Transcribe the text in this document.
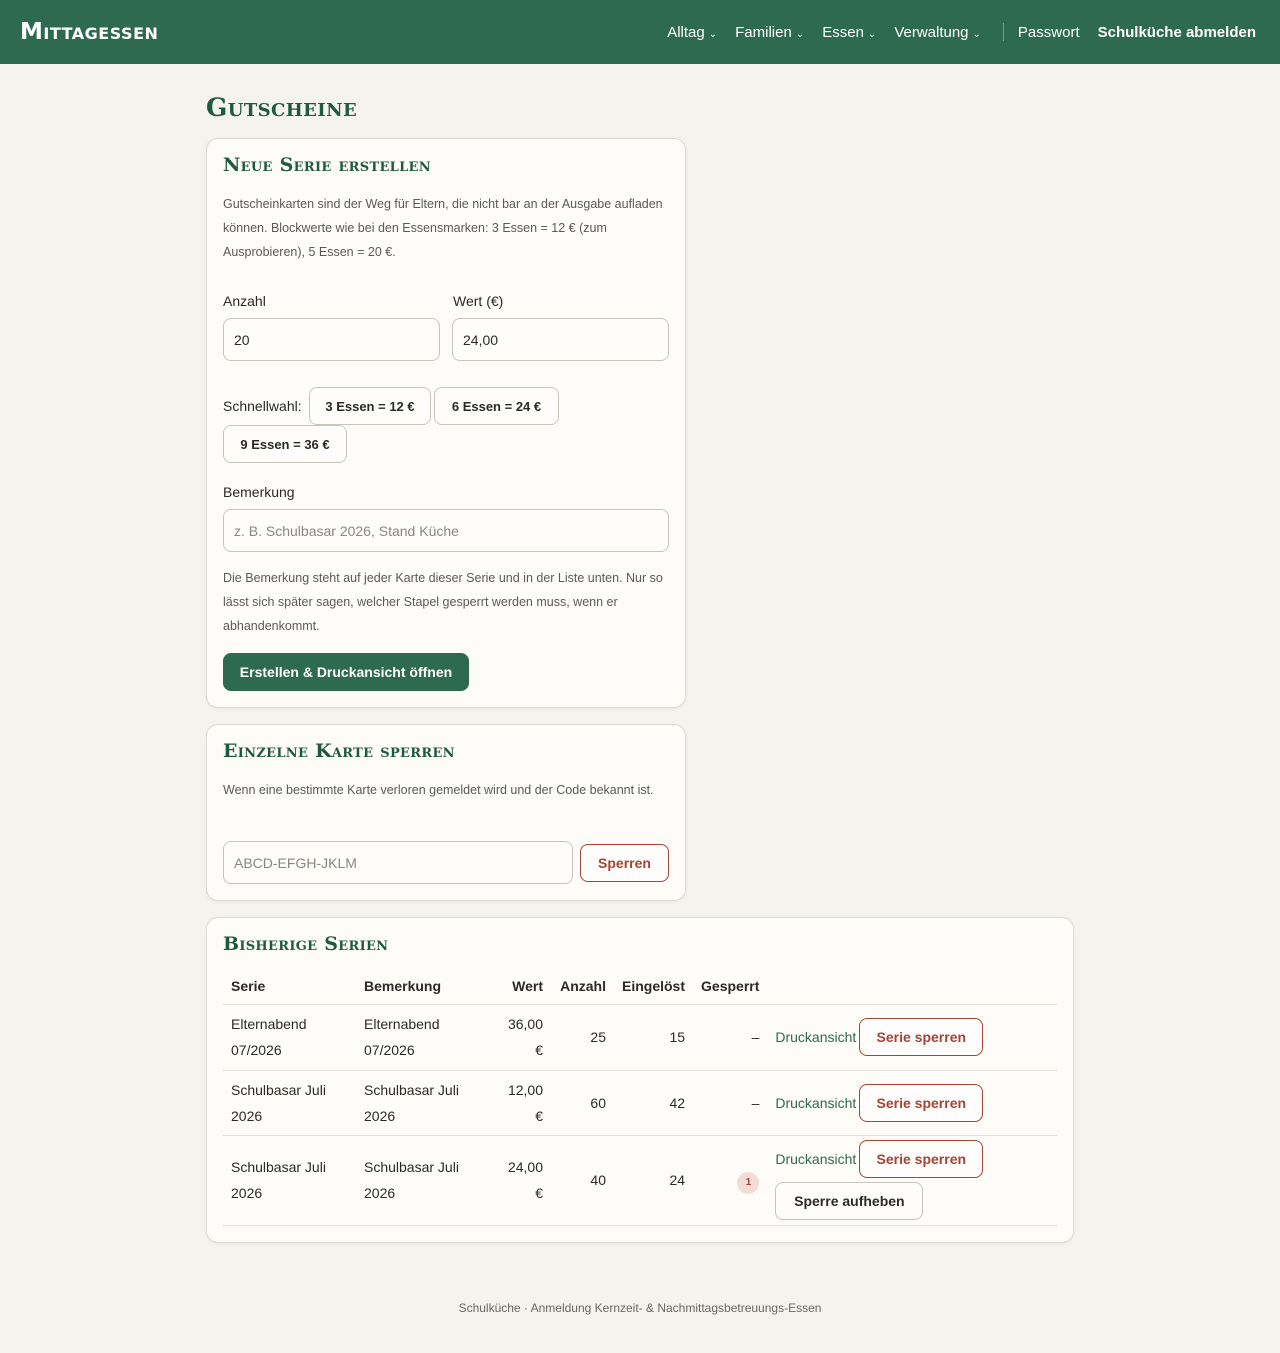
Mittagessen	Alltag ⌄ Familien ⌄ Essen ⌄ Verwaltung ⌄ Passwort Schulküche abmelden
Gutscheine
Neue Serie erstellen

Gutscheinkarten sind der Weg für Eltern, die nicht bar an der Ausgabe aufladen können. Blockwerte wie bei den Essensmarken: 3 Essen = 12 € (zum Ausprobieren), 5 Essen = 20 €.

Anzahl
20	Wert (€)
24,00
Schnellwahl:	3 Essen = 12 €	6 Essen = 24 €
9 Essen = 36 €
Bemerkung
z. B. Schulbasar 2026, Stand Küche

Die Bemerkung steht auf jeder Karte dieser Serie und in der Liste unten. Nur so lässt sich später sagen, welcher Stapel gesperrt werden muss, wenn er abhandenkommt.

Erstellen & Druckansicht öffnen
Einzelne Karte sperren

Wenn eine bestimmte Karte verloren gemeldet wird und der Code bekannt ist.

ABCD-EFGH-JKLM
Sperren
Bisherige Serien
Serie	Bemerkung	Wert	Anzahl	Eingelöst	Gesperrt	
Elternabend 07/2026	Elternabend 07/2026	36,00 €	25	15	–	Druckansicht Serie sperren

Schulbasar Juli 2026	Schulbasar Juli 2026	12,00 €	60	42	–	Druckansicht Serie sperren

Schulbasar Juli 2026	Schulbasar Juli 2026	24,00 €	40	24	1	Druckansicht Serie sperren
Sperre aufheben
Schulküche · Anmeldung Kernzeit- & Nachmittagsbetreuungs-Essen
